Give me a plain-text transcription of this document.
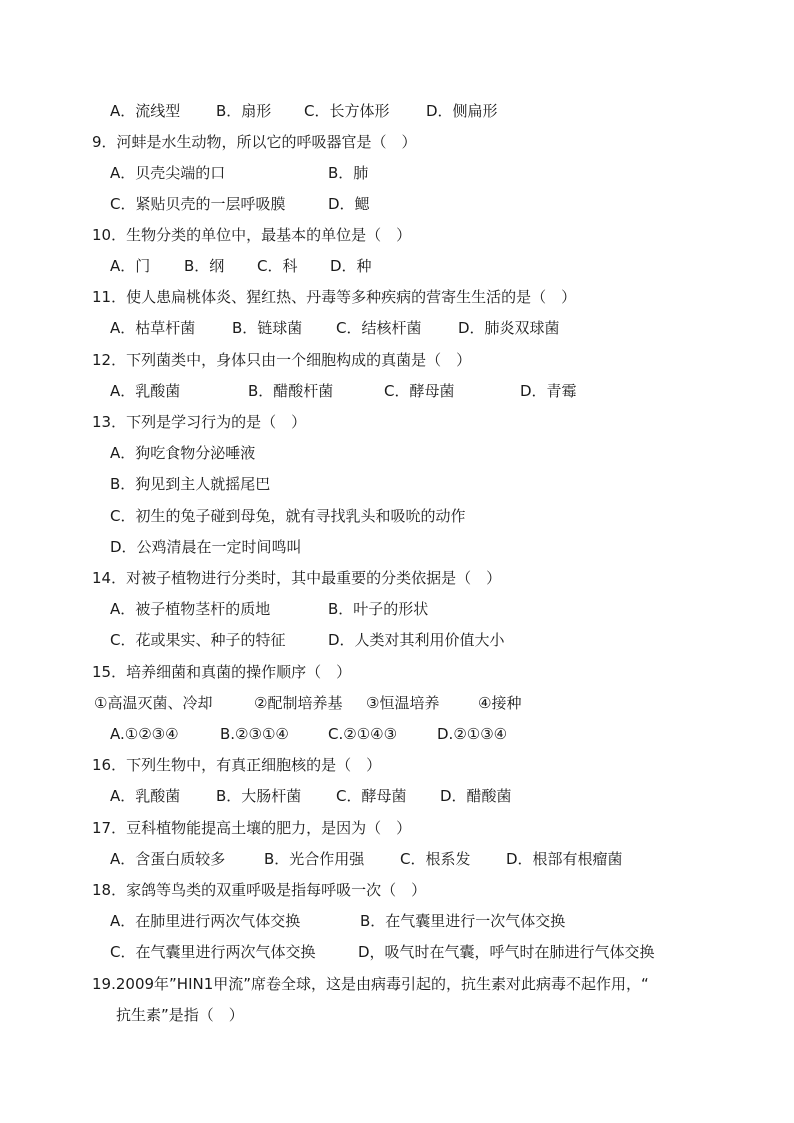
A．流线型 B．扇形 C．长方体形 D．侧扁形
9．河蚌是水生动物，所以它的呼吸器官是（　）
A．贝壳尖端的口	B．肺
C．紧贴贝壳的一层呼吸膜	D．鳃
10．生物分类的单位中，最基本的单位是（　）
A．门 B．纲 C．科 D．种
11．使人患扁桃体炎、猩红热、丹毒等多种疾病的营寄生生活的是（　）
A．枯草杆菌 B．链球菌 C．结核杆菌 D．肺炎双球菌
12．下列菌类中，身体只由一个细胞构成的真菌是（　）
A．乳酸菌	B．醋酸杆菌	C．酵母菌	D．青霉
13．下列是学习行为的是（　）
A．狗吃食物分泌唾液
B．狗见到主人就摇尾巴
C．初生的兔子碰到母兔，就有寻找乳头和吸吮的动作
D．公鸡清晨在一定时间鸣叫
14．对被子植物进行分类时，其中最重要的分类依据是（　）
A．被子植物茎杆的质地	B．叶子的形状
C．花或果实、种子的特征	D．人类对其利用价值大小
15．培养细菌和真菌的操作顺序（　）
①高温灭菌、冷却	②配制培养基 ③恒温培养	④接种
A.①②③④	B.②③①④	C.②①④③	D.②①③④
16．下列生物中，有真正细胞核的是（　）
A．乳酸菌 B．大肠杆菌 C．酵母菌 D．醋酸菌
17．豆科植物能提高土壤的肥力，是因为（　）
A．含蛋白质较多	B．光合作用强 C．根系发 D．根部有根瘤菌
18．家鸽等鸟类的双重呼吸是指每呼吸一次（　）
A．在肺里进行两次气体交换	B．在气囊里进行一次气体交换
C．在气囊里进行两次气体交换	D，吸气时在气囊，呼气时在肺进行气体交换
19.2009年”HIN1甲流”席卷全球，这是由病毒引起的，抗生素对此病毒不起作用，“
抗生素”是指（　）
